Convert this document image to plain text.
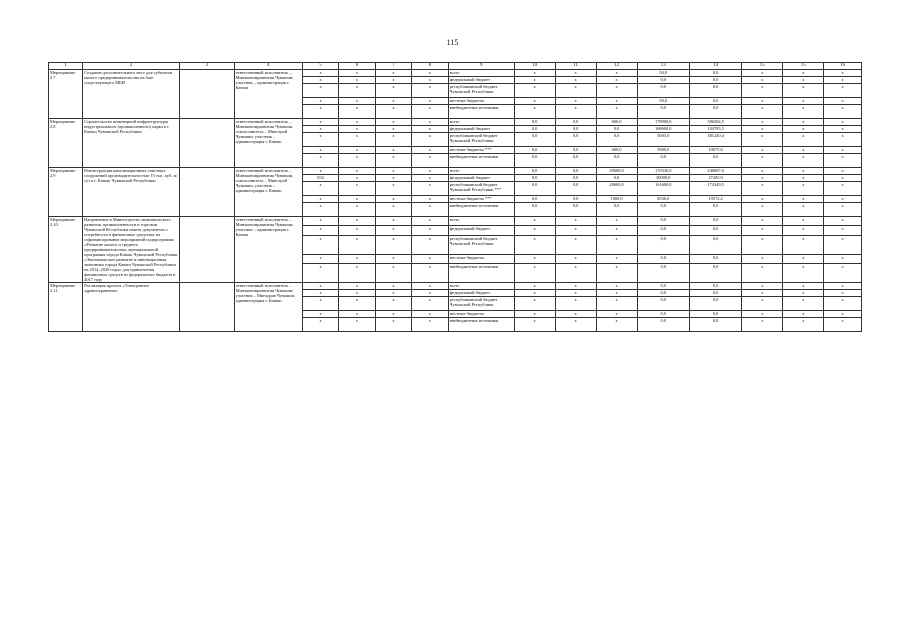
115
1	2	3	4	5	6	7	8	9	10	11	12	13	14	15	15	16
Мероприятие 2.7	Создание дополнительного мест для субъектов малого предпринимательства на базе существующего МБИ		ответственный исполнитель – Минэкономразвития Чувашии; участник – администрация г. Канаш	x	x	x	x	всего	x	x	x	50,0	0,0	x	x	x
				x	x	x	x	федеральный бюджет	x	x	x	0,0	0,0	x	x	x
				x	x	x	x	республиканский бюджет Чувашской Республики	x	x	x	0,0	0,0	x	x	x
				x	x	x	x	местные бюджеты	x	x	x	50,0	0,0	x	x	x
				x	x	x	x	внебюджетные источники	x	x	x	0,0	0,0	x	x	x
Мероприятие 2.8	Строительство инженерной инфраструктуры индустриального (промышленного) парка в г. Канаш Чувашской Республики		ответственный исполнитель – Минэкономразвития Чувашии, соисполнитель – Минстрой Чувашии, участник – администрация г. Канаш	x	x	x	x	всего	0,0	0,0	600,0	178900,0	586504,5	x	x	x
				x	x	x	x	федеральный бюджет	0,0	0,0	0,0	168600,0	194705,5	x	x	x
				x	x	x	x	республиканский бюджет Чувашской Республики	0,0	0,0	0,0	5003,0	381240,4	x	x	x
				x	x	x	x	местные бюджеты ***	0,0	0,0	600,0	5900,0	10675,6	x	x	x
				x	x	x	x	внебюджетные источники	0,0	0,0	0,0	0,0	0,0	x	x	x
Мероприятие 2.9	Реконструкция канализационных очистных сооружений производительностью 15 тыс. куб. м/сут в г. Канаш Чувашской Республики		ответственный исполнитель – Минэкономразвития Чувашии, соисполнитель – Минстрой Чувашии, участник – администрация г. Канаш	x	x	x	x	всего	0,0	0,0	29600,0	170336,0	240607,0	x	x	x
				832	x	x	x	федеральный бюджет	0,0	0,0	0,0	30000,0	27285,9	x	x	x
				x	x	x	x	республиканский бюджет Чувашской Республики ***	0,0	0,0	28600,0	161600,0	174349,5	x	x	x
				x	x	x	x	местные бюджеты ***	0,0	0,0	1000,0	8536,0	19572,2	x	x	x
				x	x	x	x	внебюджетные источники	0,0	0,0	0,0	0,0	0,0	x	x	x
Мероприятие 2.10.	Направление в Министерство экономического развития, промышленности и торговли Чувашской Республики пакета документов о потребности в финансовых средствах на софинансирование мероприятий подпрограммы «Развитие малого и среднего предпринимательства» муниципальной программы города Канаш Чувашской Республики «Экономическое развитие и инновационная экономика города Канаш Чувашской Республики на 2014–2020 годы» для привлечения финансовых средств из федерального бюджета в 2017 году		ответственный исполнитель – Минэкономразвития Чувашии; участник – администрация г. Канаш	x	x	x	x	всего	x	x	x	0,0	0,0	x	x	x
				x	x	x	x	федеральный бюджет	x	x	x	0,0	0,0	x	x	x
				x	x	x	x	республиканский бюджет Чувашской Республики	x	x	x	0,0	0,0	x	x	x
				x	x	x	x	местные бюджеты	x	x	x	0,0	0,0	x	x	x
				x	x	x	x	внебюджетные источники	x	x	x	0,0	0,0	x	x	x
Мероприятие 2.11.	Реализация проекта «Электронное здравоохранение»		ответственный исполнитель – Минэкономразвития Чувашии; участник – Минздрав Чувашии, администрация г. Канаш	x	x	x	x	всего	x	x	x	0,0	0,0	x	x	x
				x	x	x	x	федеральный бюджет	x	x	x	0,0	0,0	x	x	x
				x	x	x	x	республиканский бюджет Чувашской Республики	x	x	x	0,0	0,0	x	x	x
				x	x	x	x	местные бюджеты	x	x	x	0,0	0,0	x	x	x
				x	x	x	x	внебюджетные источники	x	x	x	0,0	0,0	x	x	x
